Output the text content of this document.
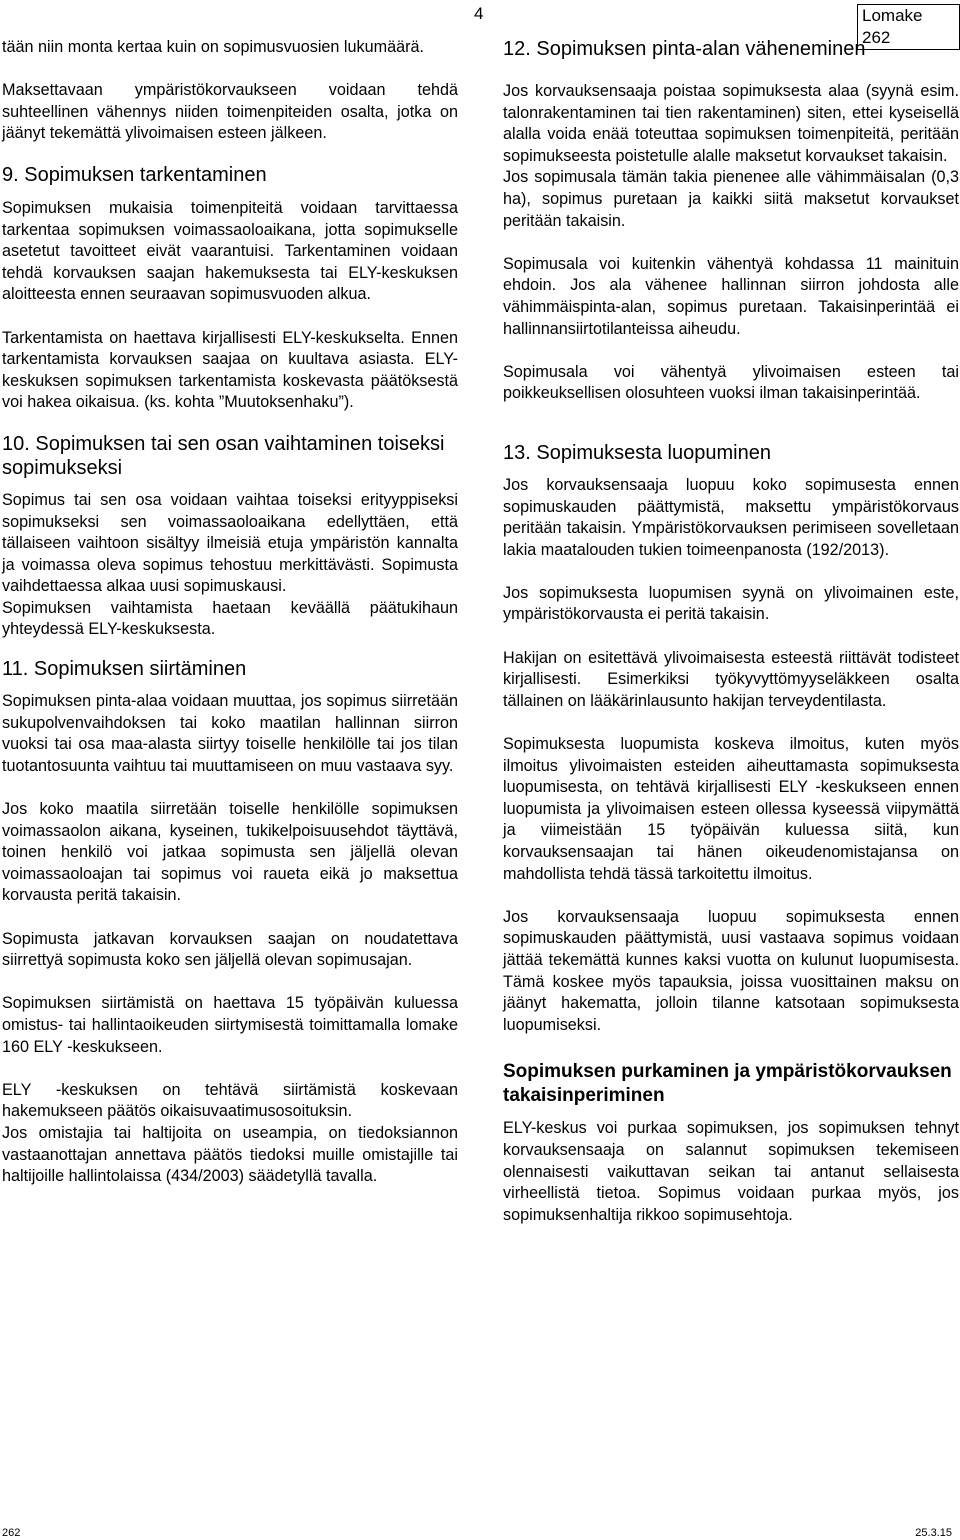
4	Lomake 262

tään niin monta kertaa kuin on sopimusvuosien lukumäärä.

Maksettavaan ympäristökorvaukseen voidaan tehdä suhteellinen vähennys niiden toimenpiteiden osalta, jotka on jäänyt tekemättä ylivoimaisen esteen jälkeen.

9. Sopimuksen tarkentaminen

Sopimuksen mukaisia toimenpiteitä voidaan tarvittaessa tarkentaa sopimuksen voimassaoloaikana, jotta sopimukselle asetetut tavoitteet eivät vaarantuisi. Tarkentaminen voidaan tehdä korvauksen saajan hakemuksesta tai ELY-keskuksen aloitteesta ennen seuraavan sopimusvuoden alkua.

Tarkentamista on haettava kirjallisesti ELY-keskukselta. Ennen tarkentamista korvauksen saajaa on kuultava asiasta. ELY-keskuksen sopimuksen tarkentamista koskevasta päätöksestä voi hakea oikaisua. (ks. kohta ”Muutoksenhaku”).

10. Sopimuksen tai sen osan vaihtaminen toiseksi sopimukseksi

Sopimus tai sen osa voidaan vaihtaa toiseksi erityyppiseksi sopimukseksi sen voimassaoloaikana edellyttäen, että tällaiseen vaihtoon sisältyy ilmeisiä etuja ympäristön kannalta ja voimassa oleva sopimus tehostuu merkittävästi. Sopimusta vaihdettaessa alkaa uusi sopimuskausi.

Sopimuksen vaihtamista haetaan keväällä päätukihaun yhteydessä ELY-keskuksesta.

11. Sopimuksen siirtäminen

Sopimuksen pinta-alaa voidaan muuttaa, jos sopimus siirretään sukupolvenvaihdoksen tai koko maatilan hallinnan siirron vuoksi tai osa maa-alasta siirtyy toiselle henkilölle tai jos tilan tuotantosuunta vaihtuu tai muuttamiseen on muu vastaava syy.

Jos koko maatila siirretään toiselle henkilölle sopimuksen voimassaolon aikana, kyseinen, tukikelpoisuusehdot täyttävä, toinen henkilö voi jatkaa sopimusta sen jäljellä olevan voimassaoloajan tai sopimus voi raueta eikä jo maksettua korvausta peritä takaisin.

Sopimusta jatkavan korvauksen saajan on noudatettava siirrettyä sopimusta koko sen jäljellä olevan sopimusajan.

Sopimuksen siirtämistä on haettava 15 työpäivän kuluessa omistus- tai hallintaoikeuden siirtymisestä toimittamalla lomake 160 ELY -keskukseen.

ELY -keskuksen on tehtävä siirtämistä koskevaan hakemukseen päätös oikaisuvaatimusosoituksin.

Jos omistajia tai haltijoita on useampia, on tiedoksiannon vastaanottajan annettava päätös tiedoksi muille omistajille tai haltijoille hallintolaissa (434/2003) säädetyllä tavalla.

12. Sopimuksen pinta-alan väheneminen

Jos korvauksensaaja poistaa sopimuksesta alaa (syynä esim. talonrakentaminen tai tien rakentaminen) siten, ettei kyseisellä alalla voida enää toteuttaa sopimuksen toimenpiteitä, peritään sopimukseesta poistetulle alalle maksetut korvaukset takaisin.

Jos sopimusala tämän takia pienenee alle vähimmäisalan (0,3 ha), sopimus puretaan ja kaikki siitä maksetut korvaukset peritään takaisin.

Sopimusala voi kuitenkin vähentyä kohdassa 11 mainituin ehdoin. Jos ala vähenee hallinnan siirron johdosta alle vähimmäispinta-alan, sopimus puretaan. Takaisinperintää ei hallinnansiirtotilanteissa aiheudu.

Sopimusala voi vähentyä ylivoimaisen esteen tai poikkeuksellisen olosuhteen vuoksi ilman takaisinperintää.

13. Sopimuksesta luopuminen

Jos korvauksensaaja luopuu koko sopimusesta ennen sopimuskauden päättymistä, maksettu ympäristökorvaus peritään takaisin. Ympäristökorvauksen perimiseen sovelletaan lakia maatalouden tukien toimeenpanosta (192/2013).

Jos sopimuksesta luopumisen syynä on ylivoimainen este, ympäristökorvausta ei peritä takaisin.

Hakijan on esitettävä ylivoimaisesta esteestä riittävät todisteet kirjallisesti. Esimerkiksi työkyvyttömyyseläkkeen osalta tällainen on lääkärinlausunto hakijan terveydentilasta.

Sopimuksesta luopumista koskeva ilmoitus, kuten myös ilmoitus ylivoimaisten esteiden aiheuttamasta sopimuksesta luopumisesta, on tehtävä kirjallisesti ELY -keskukseen ennen luopumista ja ylivoimaisen esteen ollessa kyseessä viipymättä ja viimeistään 15 työpäivän kuluessa siitä, kun korvauksensaajan tai hänen oikeudenomistajansa on mahdollista tehdä tässä tarkoitettu ilmoitus.

Jos korvauksensaaja luopuu sopimuksesta ennen sopimuskauden päättymistä, uusi vastaava sopimus voidaan jättää tekemättä kunnes kaksi vuotta on kulunut luopumisesta. Tämä koskee myös tapauksia, joissa vuosittainen maksu on jäänyt hakematta, jolloin tilanne katsotaan sopimuksesta luopumiseksi.

Sopimuksen purkaminen ja ympäristökorvauksen takaisinperiminen

ELY-keskus voi purkaa sopimuksen, jos sopimuksen tehnyt korvauksensaaja on salannut sopimuksen tekemiseen olennaisesti vaikuttavan seikan tai antanut sellaisesta virheellistä tietoa. Sopimus voidaan purkaa myös, jos sopimuksenhaltija rikkoo sopimusehtoja.

262	25.3.15
